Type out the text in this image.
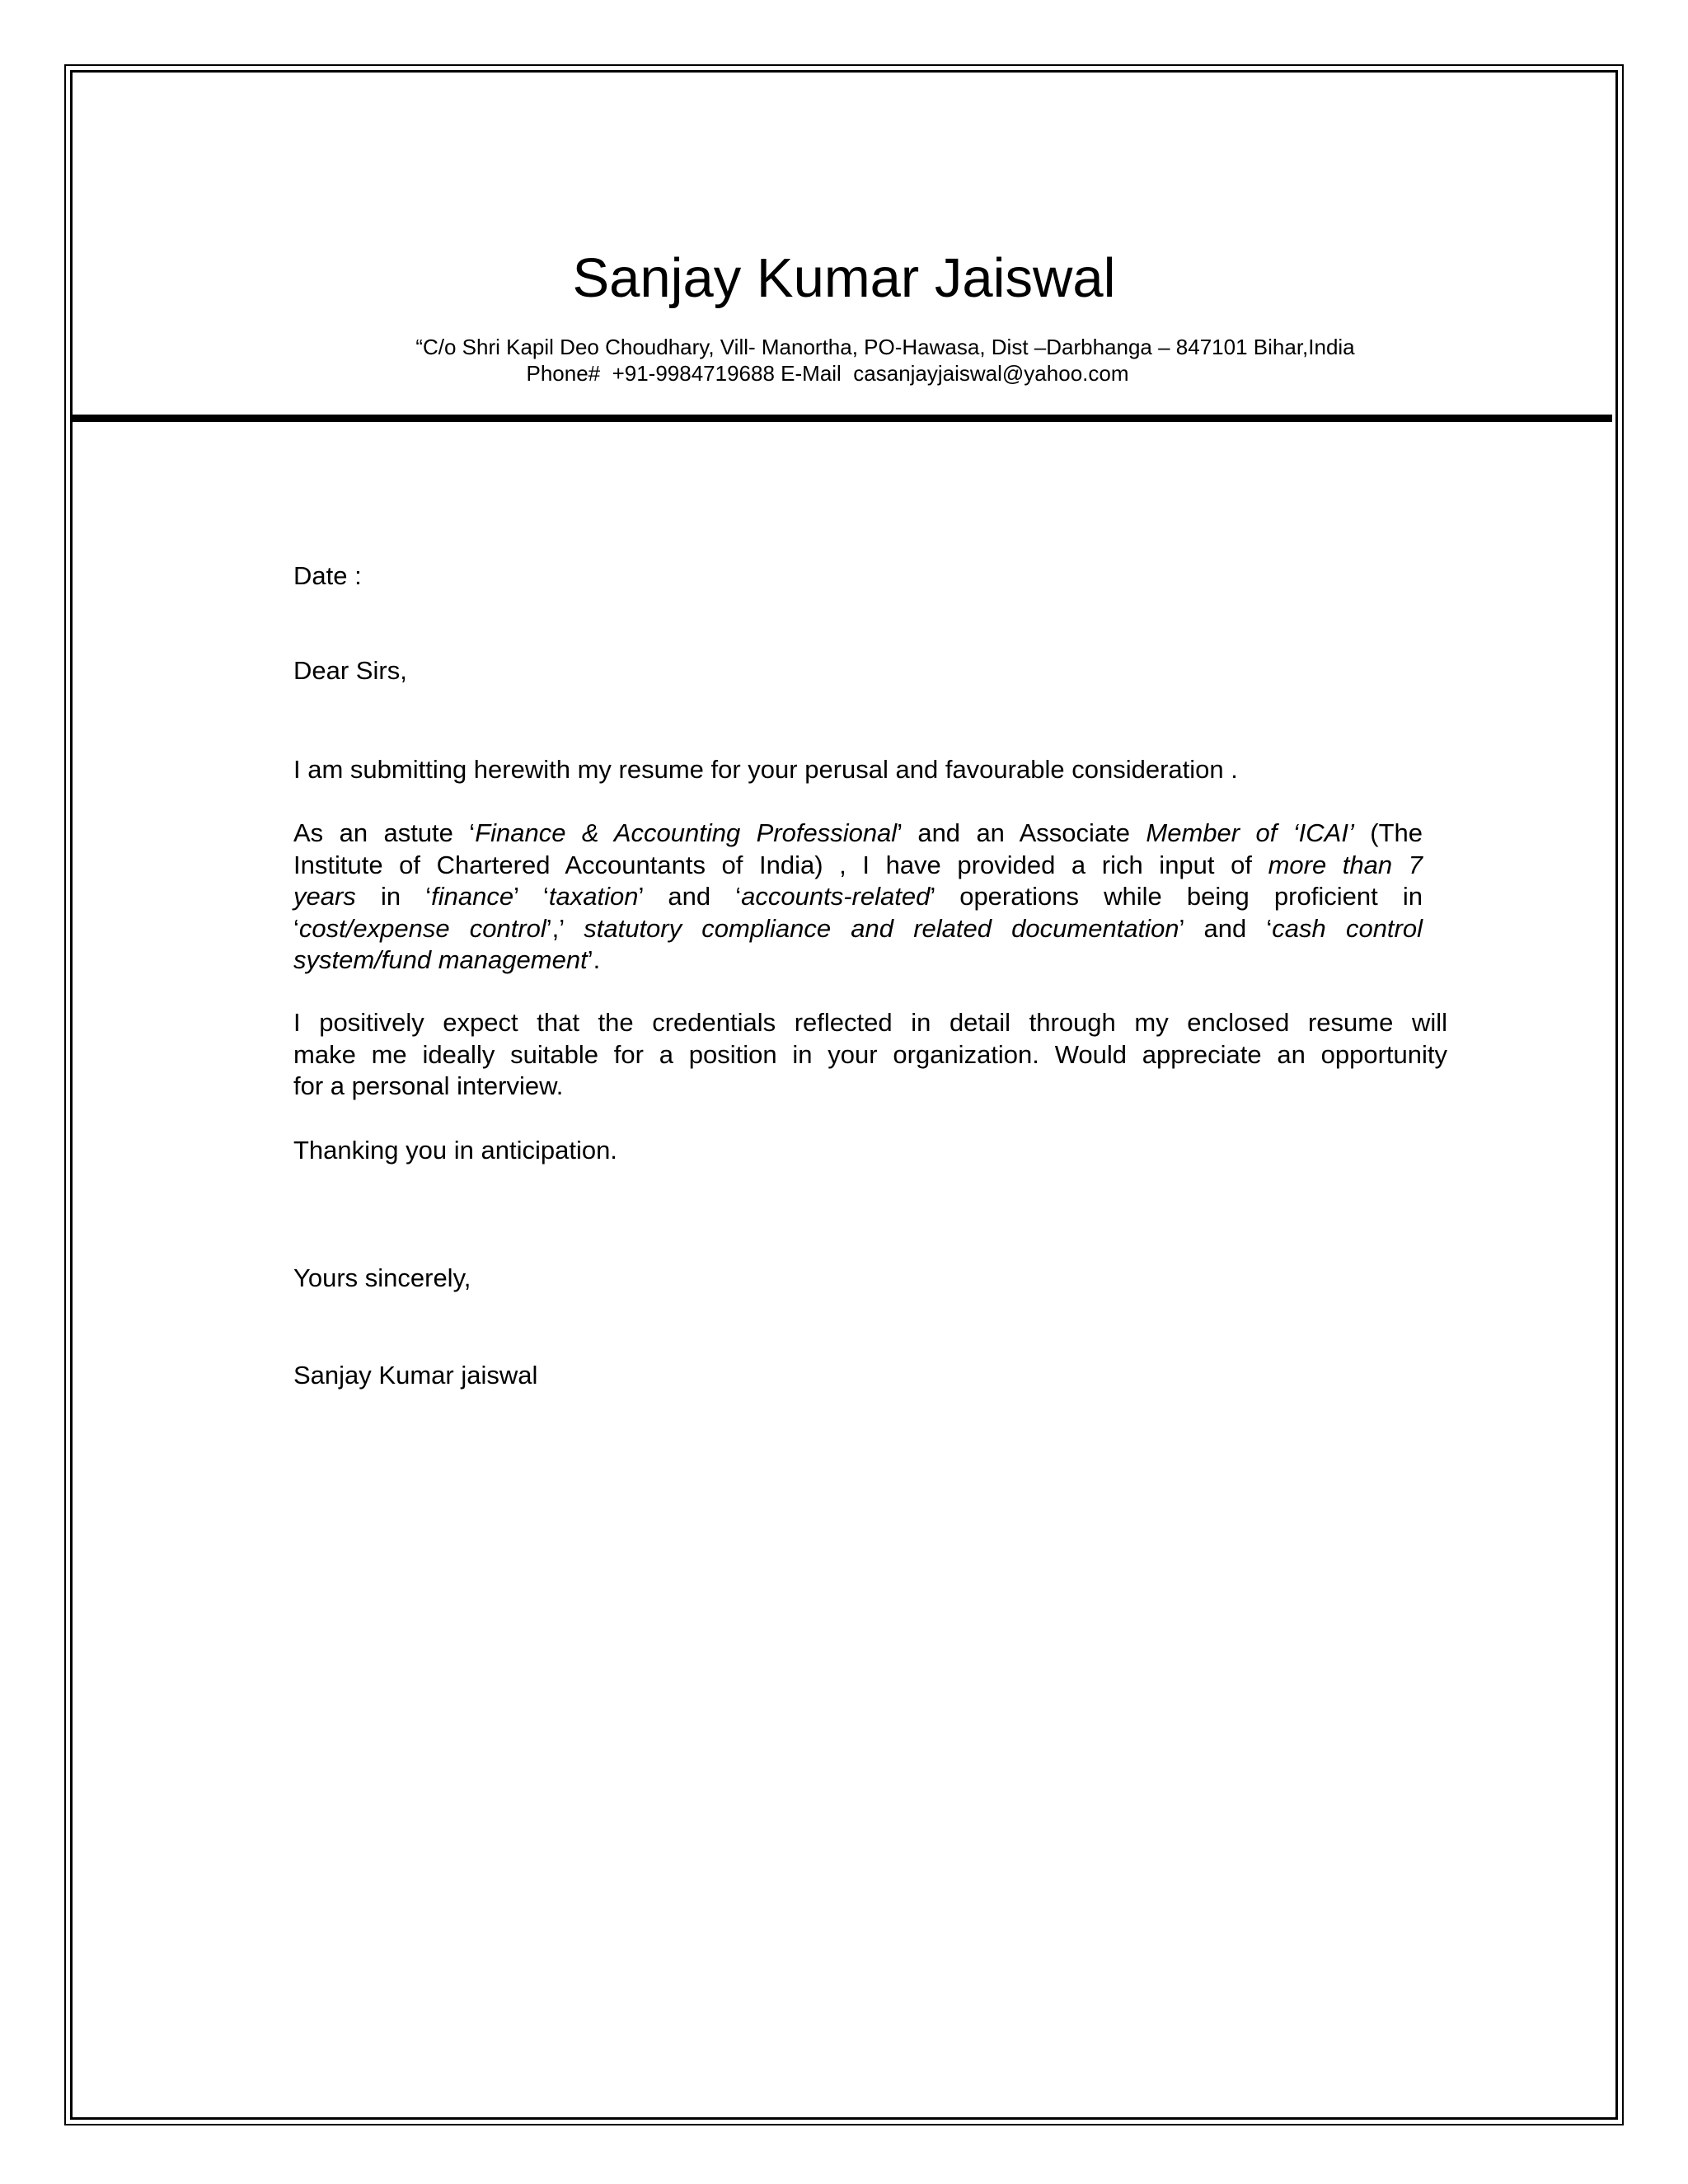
Sanjay Kumar Jaiswal
“C/o Shri Kapil Deo Choudhary, Vill- Manortha, PO-Hawasa, Dist –Darbhanga – 847101 Bihar,India
Phone#  +91-9984719688 E-Mail  casanjayjaiswal@yahoo.com
Date :
Dear Sirs,
I am submitting herewith my resume for your perusal and favourable consideration .
As an astute ‘Finance & Accounting Professional’ and an Associate Member of ‘ICAI’ (The
Institute of Chartered Accountants of India) , I have provided a rich input of more than 7
years in ‘finance’ ‘taxation’ and ‘accounts-related’ operations while being proficient in
‘cost/expense control’,’ statutory compliance and related documentation’ and ‘cash control
system/fund management’.
I positively expect that the credentials reflected in detail through my enclosed resume will
make me ideally suitable for a position in your organization. Would appreciate an opportunity
for a personal interview.
Thanking you in anticipation.
Yours sincerely,
Sanjay Kumar jaiswal
